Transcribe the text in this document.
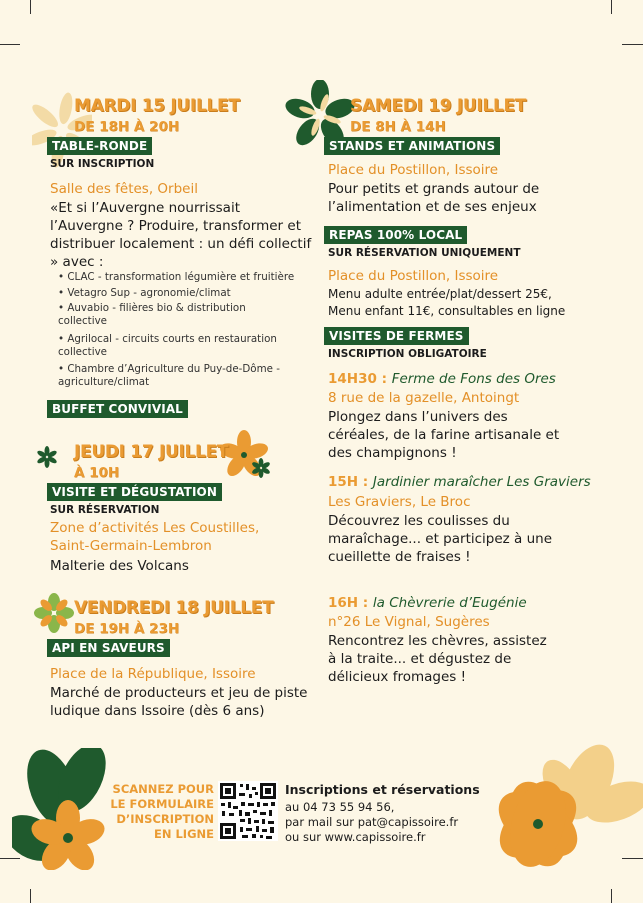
MARDI 15 JUILLET
DE 18H À 20H
TABLE-RONDE
SUR INSCRIPTION
Salle des fêtes, Orbeil
«Et si l’Auvergne nourrissait l’Auvergne ? Produire, transformer et distribuer localement : un défi collectif » avec :
• CLAC - transformation légumière et fruitière
• Vetagro Sup - agronomie/climat
• Auvabio - filières bio & distribution collective
• Agrilocal - circuits courts en restauration collective
• Chambre d’Agriculture du Puy-de-Dôme - agriculture/climat
BUFFET CONVIVIAL
JEUDI 17 JUILLET
À 10H
VISITE ET DÉGUSTATION
SUR RÉSERVATION
Zone d’activités Les Coustilles,
Saint-Germain-Lembron
Malterie des Volcans
VENDREDI 18 JUILLET
DE 19H À 23H
API EN SAVEURS
Place de la République, Issoire
Marché de producteurs et jeu de piste ludique dans Issoire (dès 6 ans)
SAMEDI 19 JUILLET
DE 8H À 14H
STANDS ET ANIMATIONS
Place du Postillon, Issoire
Pour petits et grands autour de l’alimentation et de ses enjeux
REPAS 100% LOCAL
SUR RÉSERVATION UNIQUEMENT
Place du Postillon, Issoire
Menu adulte entrée/plat/dessert 25€,
Menu enfant 11€, consultables en ligne
VISITES DE FERMES
INSCRIPTION OBLIGATOIRE
14H30 : Ferme de Fons des Ores
8 rue de la gazelle, Antoingt
Plongez dans l’univers des céréales, de la farine artisanale et des champignons !
15H : Jardinier maraîcher Les Graviers
Les Graviers, Le Broc
Découvrez les coulisses du maraîchage... et participez à une cueillette de fraises !
16H : la Chèvrerie d’Eugénie
n°26 Le Vignal, Sugères
Rencontrez les chèvres, assistez à la traite... et dégustez de délicieux fromages !
SCANNEZ POUR
LE FORMULAIRE
D’INSCRIPTION
EN LIGNE
Inscriptions et réservations
au 04 73 55 94 56,
par mail sur pat@capissoire.fr
ou sur www.capissoire.fr
